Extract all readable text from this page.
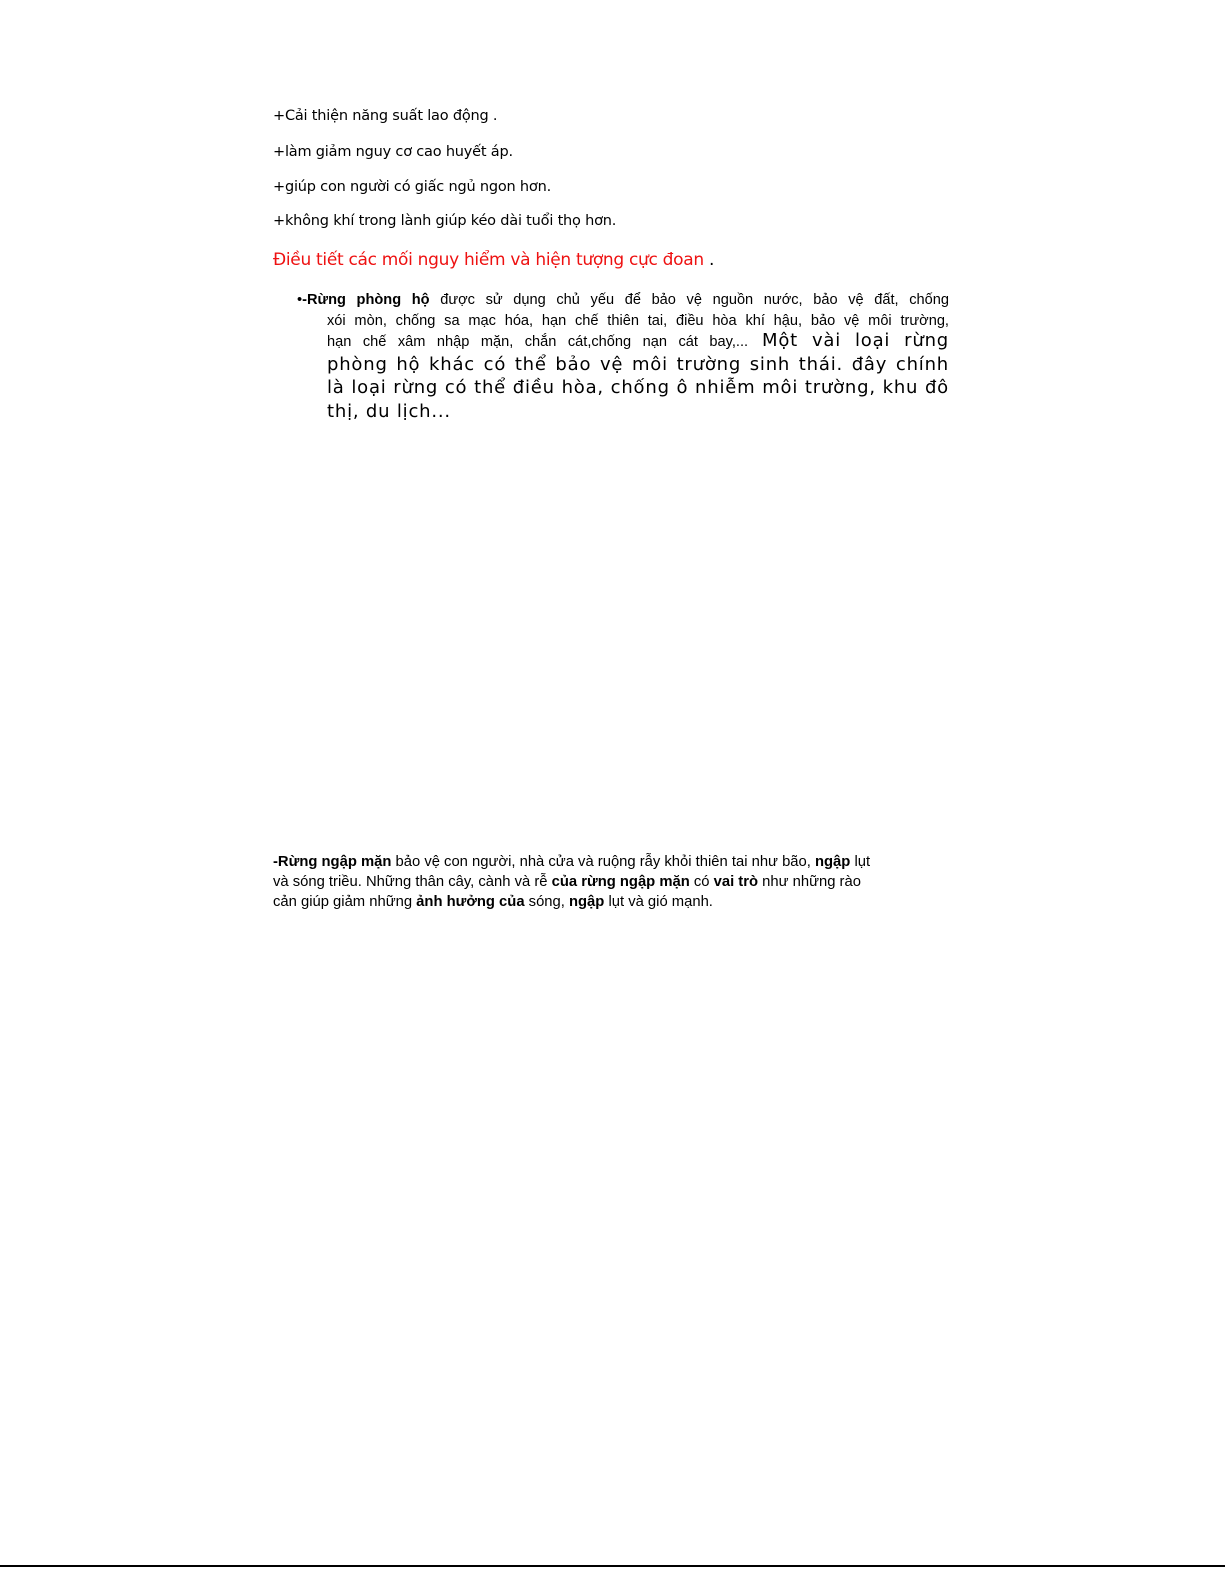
+Cải thiện năng suất lao động .
+làm giảm nguy cơ cao huyết áp.
+giúp con người có giấc ngủ ngon hơn.
+không khí trong lành giúp kéo dài tuổi thọ hơn.
Điều tiết các mối nguy hiểm và hiện tượng cực đoan .
•-Rừng phòng hộ được sử dụng chủ yếu để bảo vệ nguồn nước, bảo vệ đất, chống
xói mòn, chống sa mạc hóa, hạn chế thiên tai, điều hòa khí hậu, bảo vệ môi trường,
hạn chế xâm nhập mặn, chắn cát,chống nạn cát bay,... Một vài loại rừng
phòng hộ khác có thể bảo vệ môi trường sinh thái. đây chính
là loại rừng có thể điều hòa, chống ô nhiễm môi trường, khu đô
thị, du lịch...
-Rừng ngập mặn bảo vệ con người, nhà cửa và ruộng rẫy khỏi thiên tai như bão, ngập lụt
và sóng triều. Những thân cây, cành và rễ của rừng ngập mặn có vai trò như những rào
cản giúp giảm những ảnh hưởng của sóng, ngập lụt và gió mạnh.
